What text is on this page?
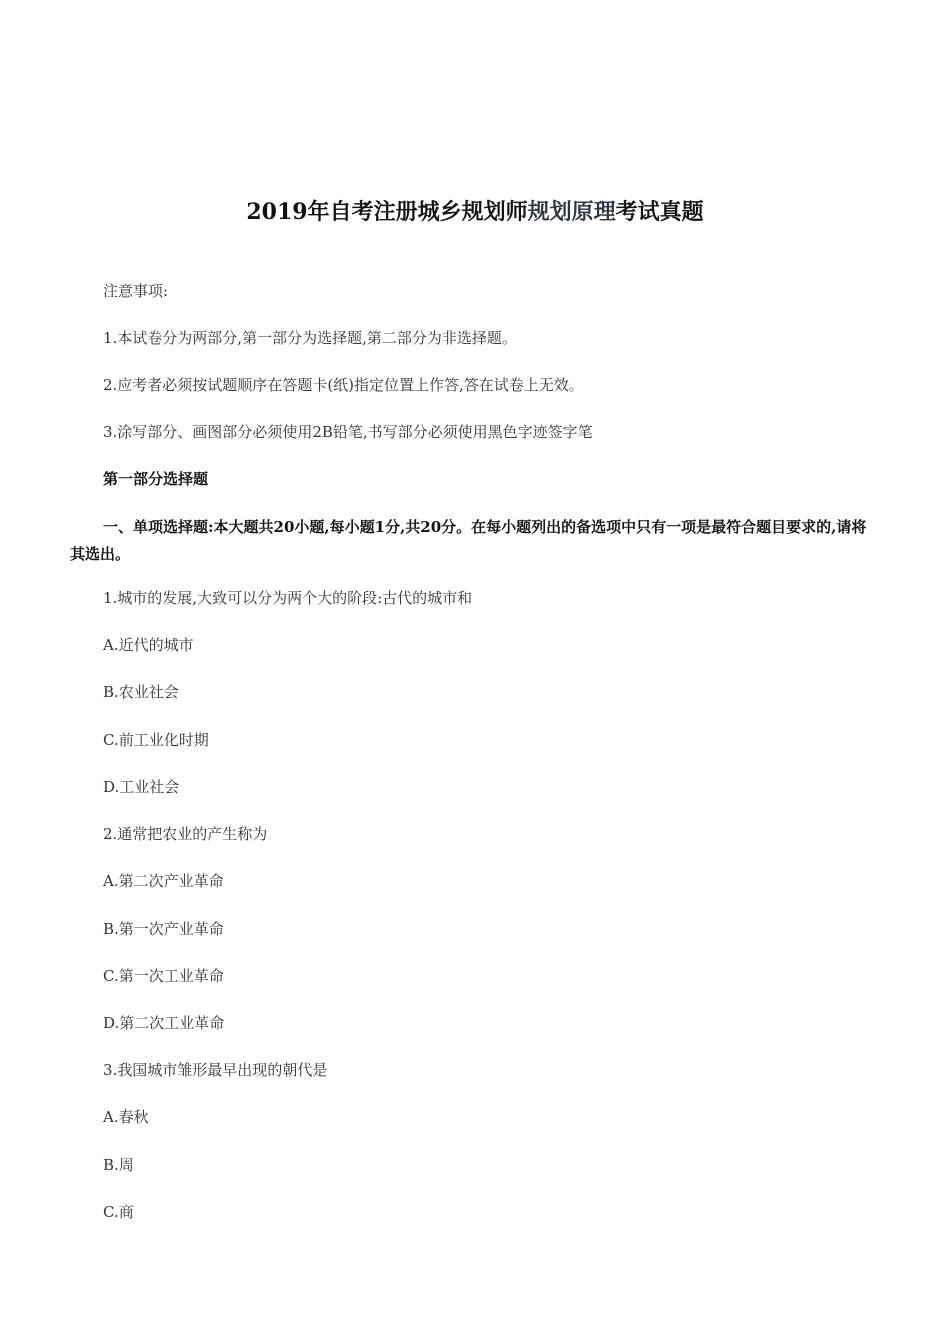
2019年自考注册城乡规划师规划原理考试真题
注意事项:
1.本试卷分为两部分,第一部分为选择题,第二部分为非选择题。
2.应考者必须按试题顺序在答题卡(纸)指定位置上作答,答在试卷上无效。
3.涂写部分、画图部分必须使用2B铅笔,书写部分必须使用黑色字迹签字笔
第一部分选择题
一、单项选择题:本大题共20小题,每小题1分,共20分。在每小题列出的备选项中只有一项是最符合题目要求的,请将其选出。
1.城市的发展,大致可以分为两个大的阶段:古代的城市和
A.近代的城市
B.农业社会
C.前工业化时期
D.工业社会
2.通常把农业的产生称为
A.第二次产业革命
B.第一次产业革命
C.第一次工业革命
D.第二次工业革命
3.我国城市雏形最早出现的朝代是
A.春秋
B.周
C.商
